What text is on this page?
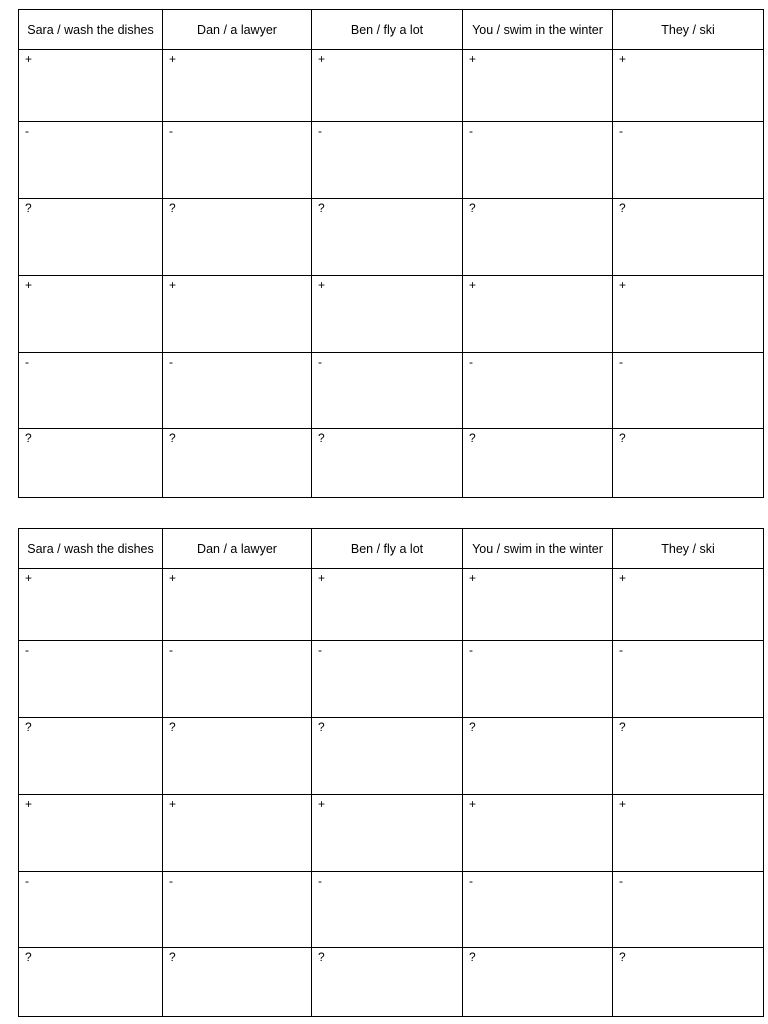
Sara / wash the dishes	Dan / a lawyer	Ben / fly a lot	You / swim in the winter	They / ski
+	+	+	+	+
-	-	-	-	-
?	?	?	?	?
+	+	+	+	+
-	-	-	-	-
?	?	?	?	?
Sara / wash the dishes	Dan / a lawyer	Ben / fly a lot	You / swim in the winter	They / ski
+	+	+	+	+
-	-	-	-	-
?	?	?	?	?
+	+	+	+	+
-	-	-	-	-
?	?	?	?	?
